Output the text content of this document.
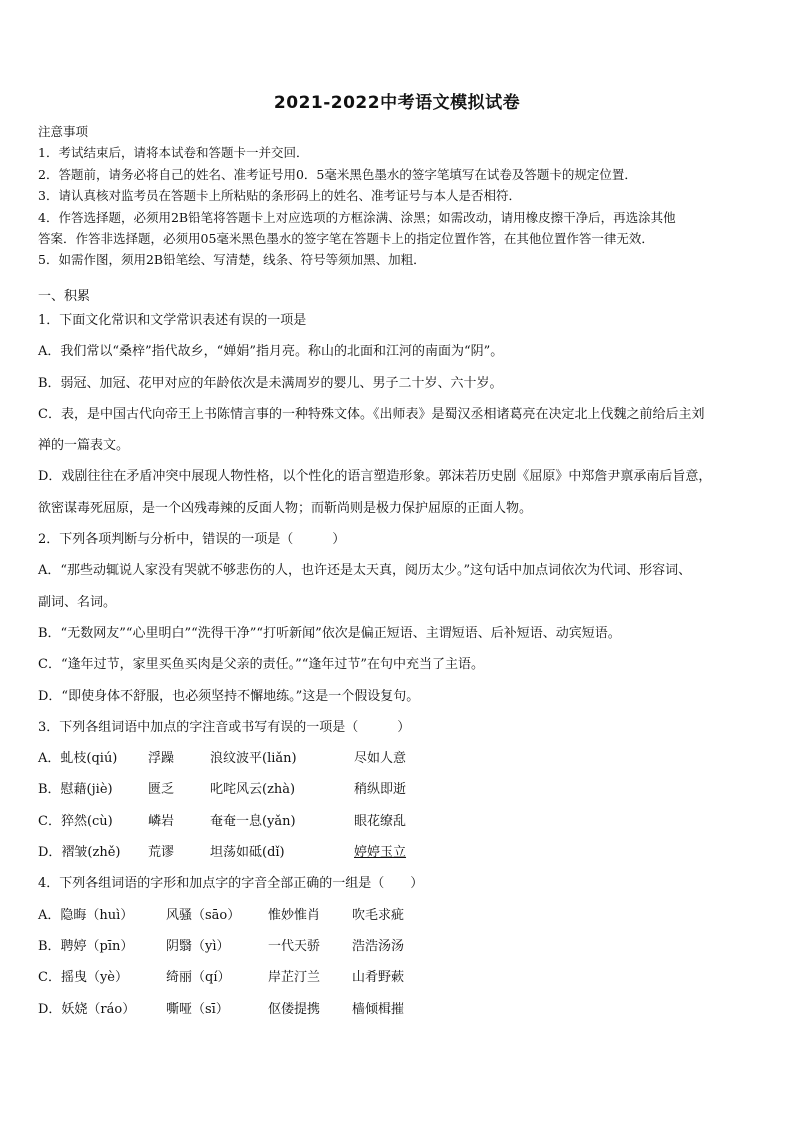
2021-2022中考语文模拟试卷
注意事项
1．考试结束后，请将本试卷和答题卡一并交回．
2．答题前，请务必将自己的姓名、准考证号用0．5毫米黑色墨水的签字笔填写在试卷及答题卡的规定位置．
3．请认真核对监考员在答题卡上所粘贴的条形码上的姓名、准考证号与本人是否相符．
4．作答选择题，必须用2B铅笔将答题卡上对应选项的方框涂满、涂黑；如需改动，请用橡皮擦干净后，再选涂其他
答案．作答非选择题，必须用05毫米黑色墨水的签字笔在答题卡上的指定位置作答，在其他位置作答一律无效．
5．如需作图，须用2B铅笔绘、写清楚，线条、符号等须加黑、加粗．
一、积累
1．下面文化常识和文学常识表述有误的一项是
A．我们常以“桑梓”指代故乡，“婵娟”指月亮。称山的北面和江河的南面为“阴”。
B．弱冠、加冠、花甲对应的年龄依次是未满周岁的婴儿、男子二十岁、六十岁。
C．表，是中国古代向帝王上书陈情言事的一种特殊文体。《出师表》是蜀汉丞相诸葛亮在决定北上伐魏之前给后主刘
禅的一篇表文。
D．戏剧往往在矛盾冲突中展现人物性格，以个性化的语言塑造形象。郭沫若历史剧《屈原》中郑詹尹禀承南后旨意，
欲密谋毒死屈原，是一个凶残毒辣的反面人物；而靳尚则是极力保护屈原的正面人物。
2．下列各项判断与分析中，错误的一项是（　　　）
A．“那些动辄说人家没有哭就不够悲伤的人，也许还是太天真，阅历太少。”这句话中加点词依次为代词、形容词、
副词、名词。
B．“无数网友”“心里明白”“洗得干净”“打听新闻”依次是偏正短语、主谓短语、后补短语、动宾短语。
C．“逢年过节，家里买鱼买肉是父亲的责任。”“逢年过节”在句中充当了主语。
D．“即使身体不舒服，也必须坚持不懈地练。”这是一个假设复句。
3．下列各组词语中加点的字注音或书写有误的一项是（　　　）
A．虬枝(qiú) 浮躁	浪纹波平(liǎn)	尽如人意
B．慰藉(jiè)	匮乏	叱咤风云(zhà)	稍纵即逝
C．猝然(cù)	嶙岩	奄奄一息(yǎn)	眼花缭乱
D．褶皱(zhě) 荒谬	坦荡如砥(dǐ)	婷婷玉立
4．下列各组词语的字形和加点字的字音全部正确的一组是（　　）
A．隐晦（huì）	风骚（sāo） 惟妙惟肖 吹毛求疵
B．聘婷（pīn）	阴翳（yì）	一代天骄 浩浩汤汤
C．摇曳（yè）	绮丽（qí）	岸芷汀兰 山肴野蔌
D．妖娆（ráo） 嘶哑（sī）	伛偻提携 樯倾楫摧
